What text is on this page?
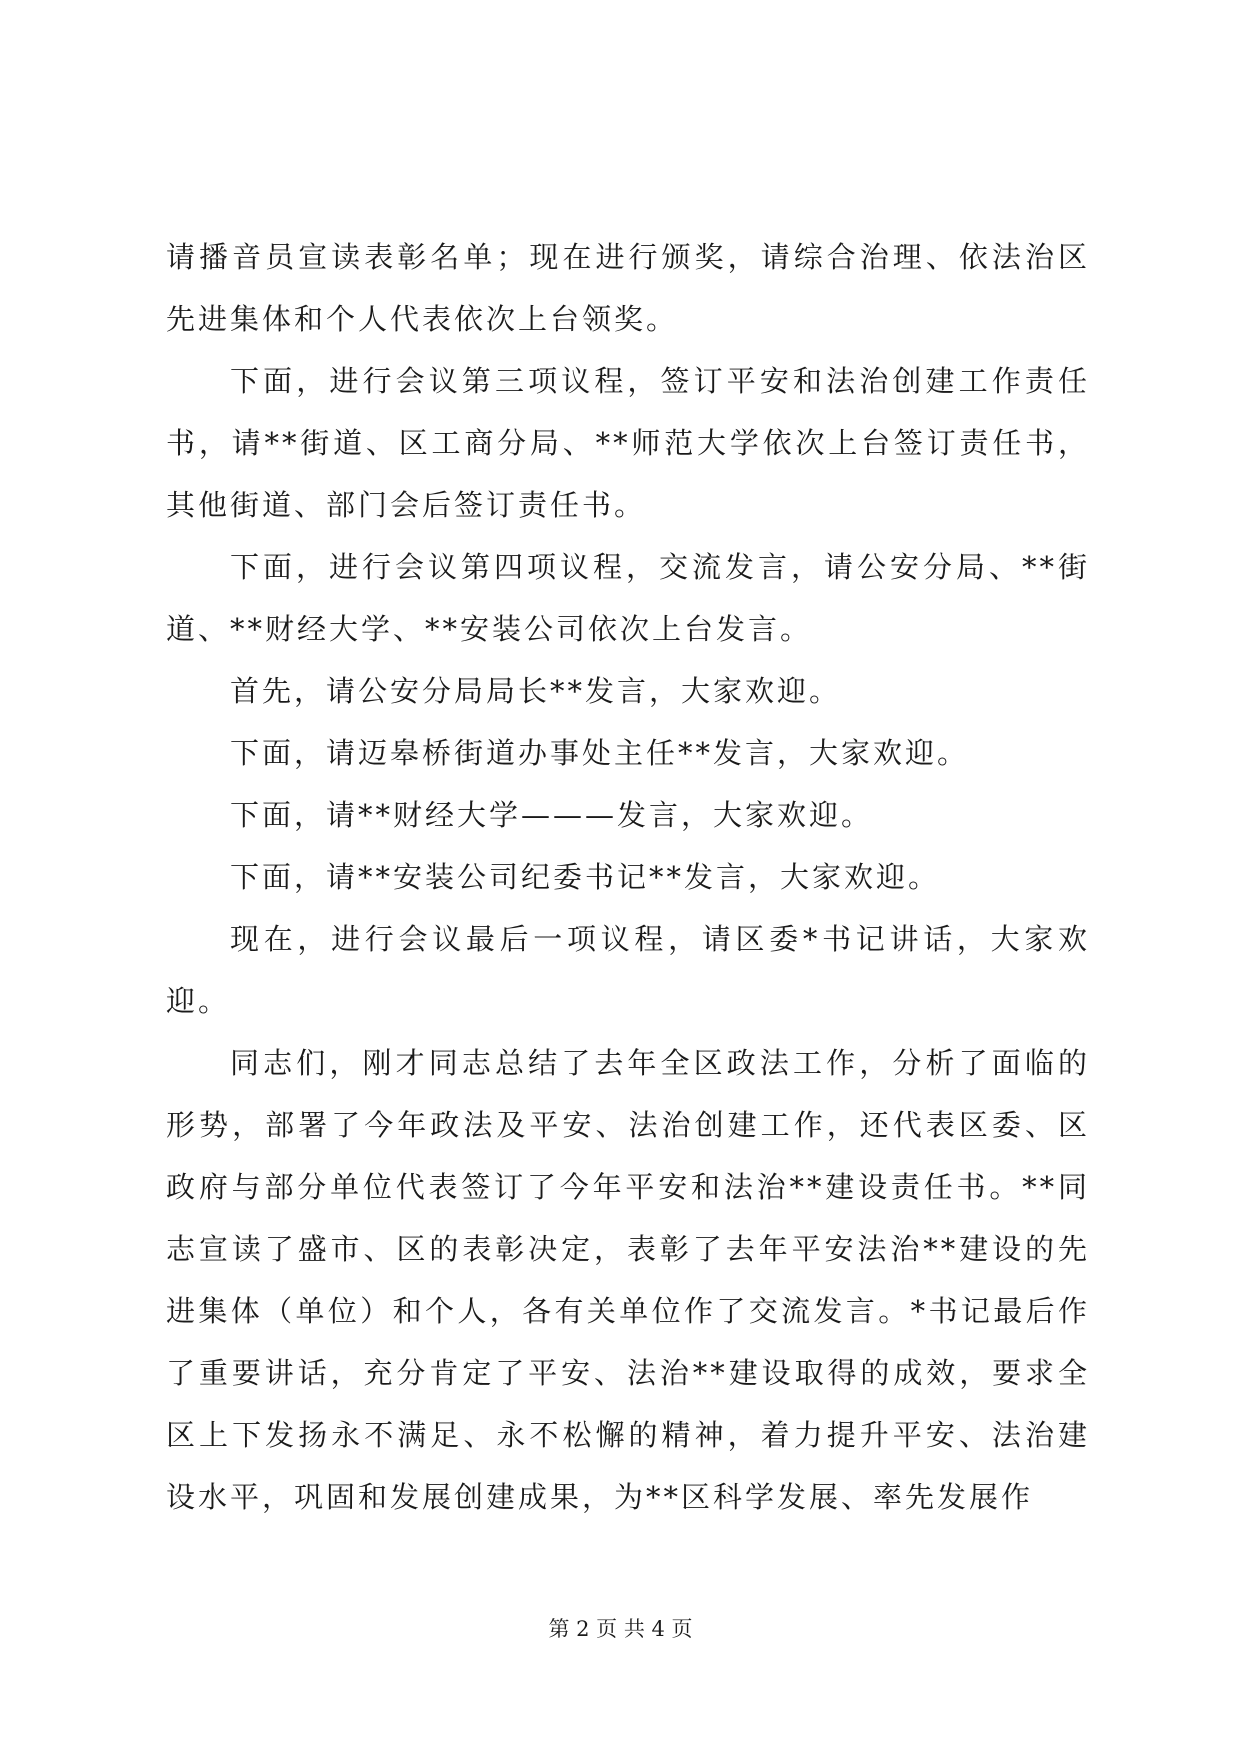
请播音员宣读表彰名单；现在进行颁奖，请综合治理、依法治区先进集体和个人代表依次上台领奖。

下面，进行会议第三项议程，签订平安和法治创建工作责任书，请**街道、区工商分局、**师范大学依次上台签订责任书，其他街道、部门会后签订责任书。

下面，进行会议第四项议程，交流发言，请公安分局、**街道、**财经大学、**安装公司依次上台发言。

首先，请公安分局局长**发言，大家欢迎。

下面，请迈皋桥街道办事处主任**发言，大家欢迎。

下面，请**财经大学———发言，大家欢迎。

下面，请**安装公司纪委书记**发言，大家欢迎。

现在，进行会议最后一项议程，请区委*书记讲话，大家欢迎。

同志们，刚才同志总结了去年全区政法工作，分析了面临的形势，部署了今年政法及平安、法治创建工作，还代表区委、区政府与部分单位代表签订了今年平安和法治**建设责任书。**同志宣读了盛市、区的表彰决定，表彰了去年平安法治**建设的先进集体（单位）和个人，各有关单位作了交流发言。*书记最后作了重要讲话，充分肯定了平安、法治**建设取得的成效，要求全区上下发扬永不满足、永不松懈的精神，着力提升平安、法治建设水平，巩固和发展创建成果，为**区科学发展、率先发展作

第 2 页 共 4 页
